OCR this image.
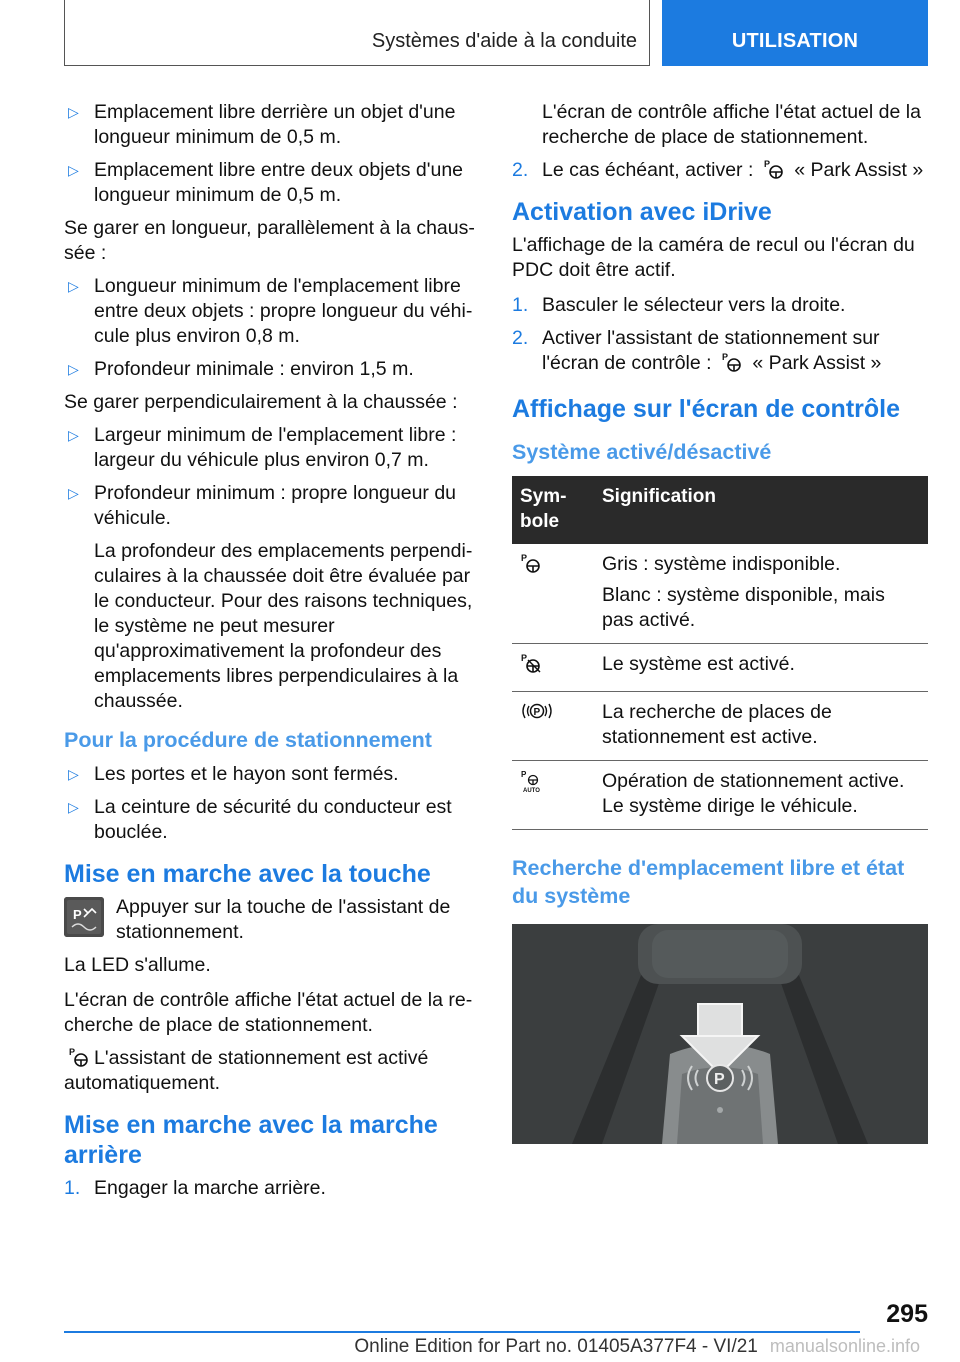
Systèmes d'aide à la conduite	UTILISATION
▷ Emplacement libre derrière un objet d'une longueur minimum de 0,5 m.
▷ Emplacement libre entre deux objets d'une longueur minimum de 0,5 m.

Se garer en longueur, parallèlement à la chaussée :

▷ Longueur minimum de l'emplacement libre entre deux objets : propre longueur du véhicule plus environ 0,8 m.
▷ Profondeur minimale : environ 1,5 m.

Se garer perpendiculairement à la chaussée :

▷ Largeur minimum de l'emplacement libre : largeur du véhicule plus environ 0,7 m.
▷ Profondeur minimum : propre longueur du véhicule.

La profondeur des emplacements perpendiculaires à la chaussée doit être évaluée par le conducteur. Pour des raisons techniques, le système ne peut mesurer qu'approximativement la profondeur des emplacements libres perpendiculaires à la chaussée.

Pour la procédure de stationnement
▷ Les portes et le hayon sont fermés.
▷ La ceinture de sécurité du conducteur est bouclée.
Mise en marche avec la touche
P Appuyer sur la touche de l'assistant de stationnement.

La LED s'allume.

L'écran de contrôle affiche l'état actuel de la recherche de place de stationnement.

P L'assistant de stationnement est activé automatiquement.

Mise en marche avec la marche arrière
1. Engager la marche arrière.

L'écran de contrôle affiche l'état actuel de la recherche de place de stationnement.

2. Le cas échéant, activer : P « Park Assist »
Activation avec iDrive

L'affichage de la caméra de recul ou l'écran du PDC doit être actif.

1. Basculer le sélecteur vers la droite.
2. Activer l'assistant de stationnement sur l'écran de contrôle : P « Park Assist »
Affichage sur l'écran de contrôle
Système activé/désactivé
Symbole	Signification

P	Gris : système indisponible.

Blanc : système disponible, mais pas activé.

P	Le système est activé.

P	La recherche de places de stationnement est active.

P
AUTO	Opération de stationnement active. Le système dirige le véhicule.

Recherche d'emplacement libre et état du système
P
295
Online Edition for Part no. 01405A377F4 - VI/21 manualsonline.info
